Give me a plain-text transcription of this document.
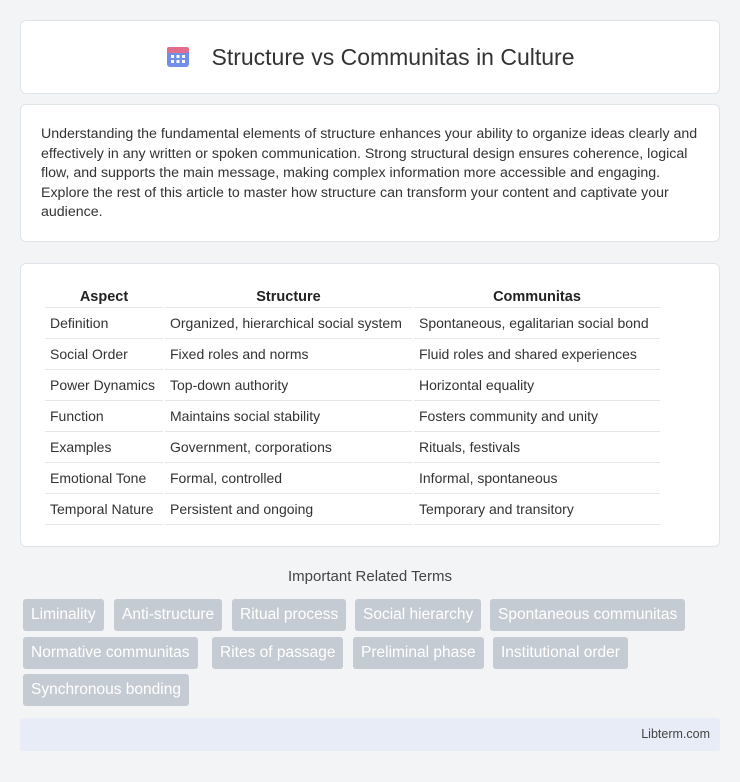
Structure vs Communitas in Culture

Understanding the fundamental elements of structure enhances your ability to organize ideas clearly and effectively in any written or spoken communication. Strong structural design ensures coherence, logical flow, and supports the main message, making complex information more accessible and engaging. Explore the rest of this article to master how structure can transform your content and captivate your audience.

Aspect	Structure	Communitas
Definition	Organized, hierarchical social system	Spontaneous, egalitarian social bond
Social Order	Fixed roles and norms	Fluid roles and shared experiences
Power Dynamics	Top-down authority	Horizontal equality
Function	Maintains social stability	Fosters community and unity
Examples	Government, corporations	Rituals, festivals
Emotional Tone	Formal, controlled	Informal, spontaneous
Temporal Nature	Persistent and ongoing	Temporary and transitory
Important Related Terms
Liminality	Anti-structure	Ritual process	Social hierarchy	Spontaneous communitas
Normative communitas	Rites of passage	Preliminal phase	Institutional order
Synchronous bonding
Libterm.com
